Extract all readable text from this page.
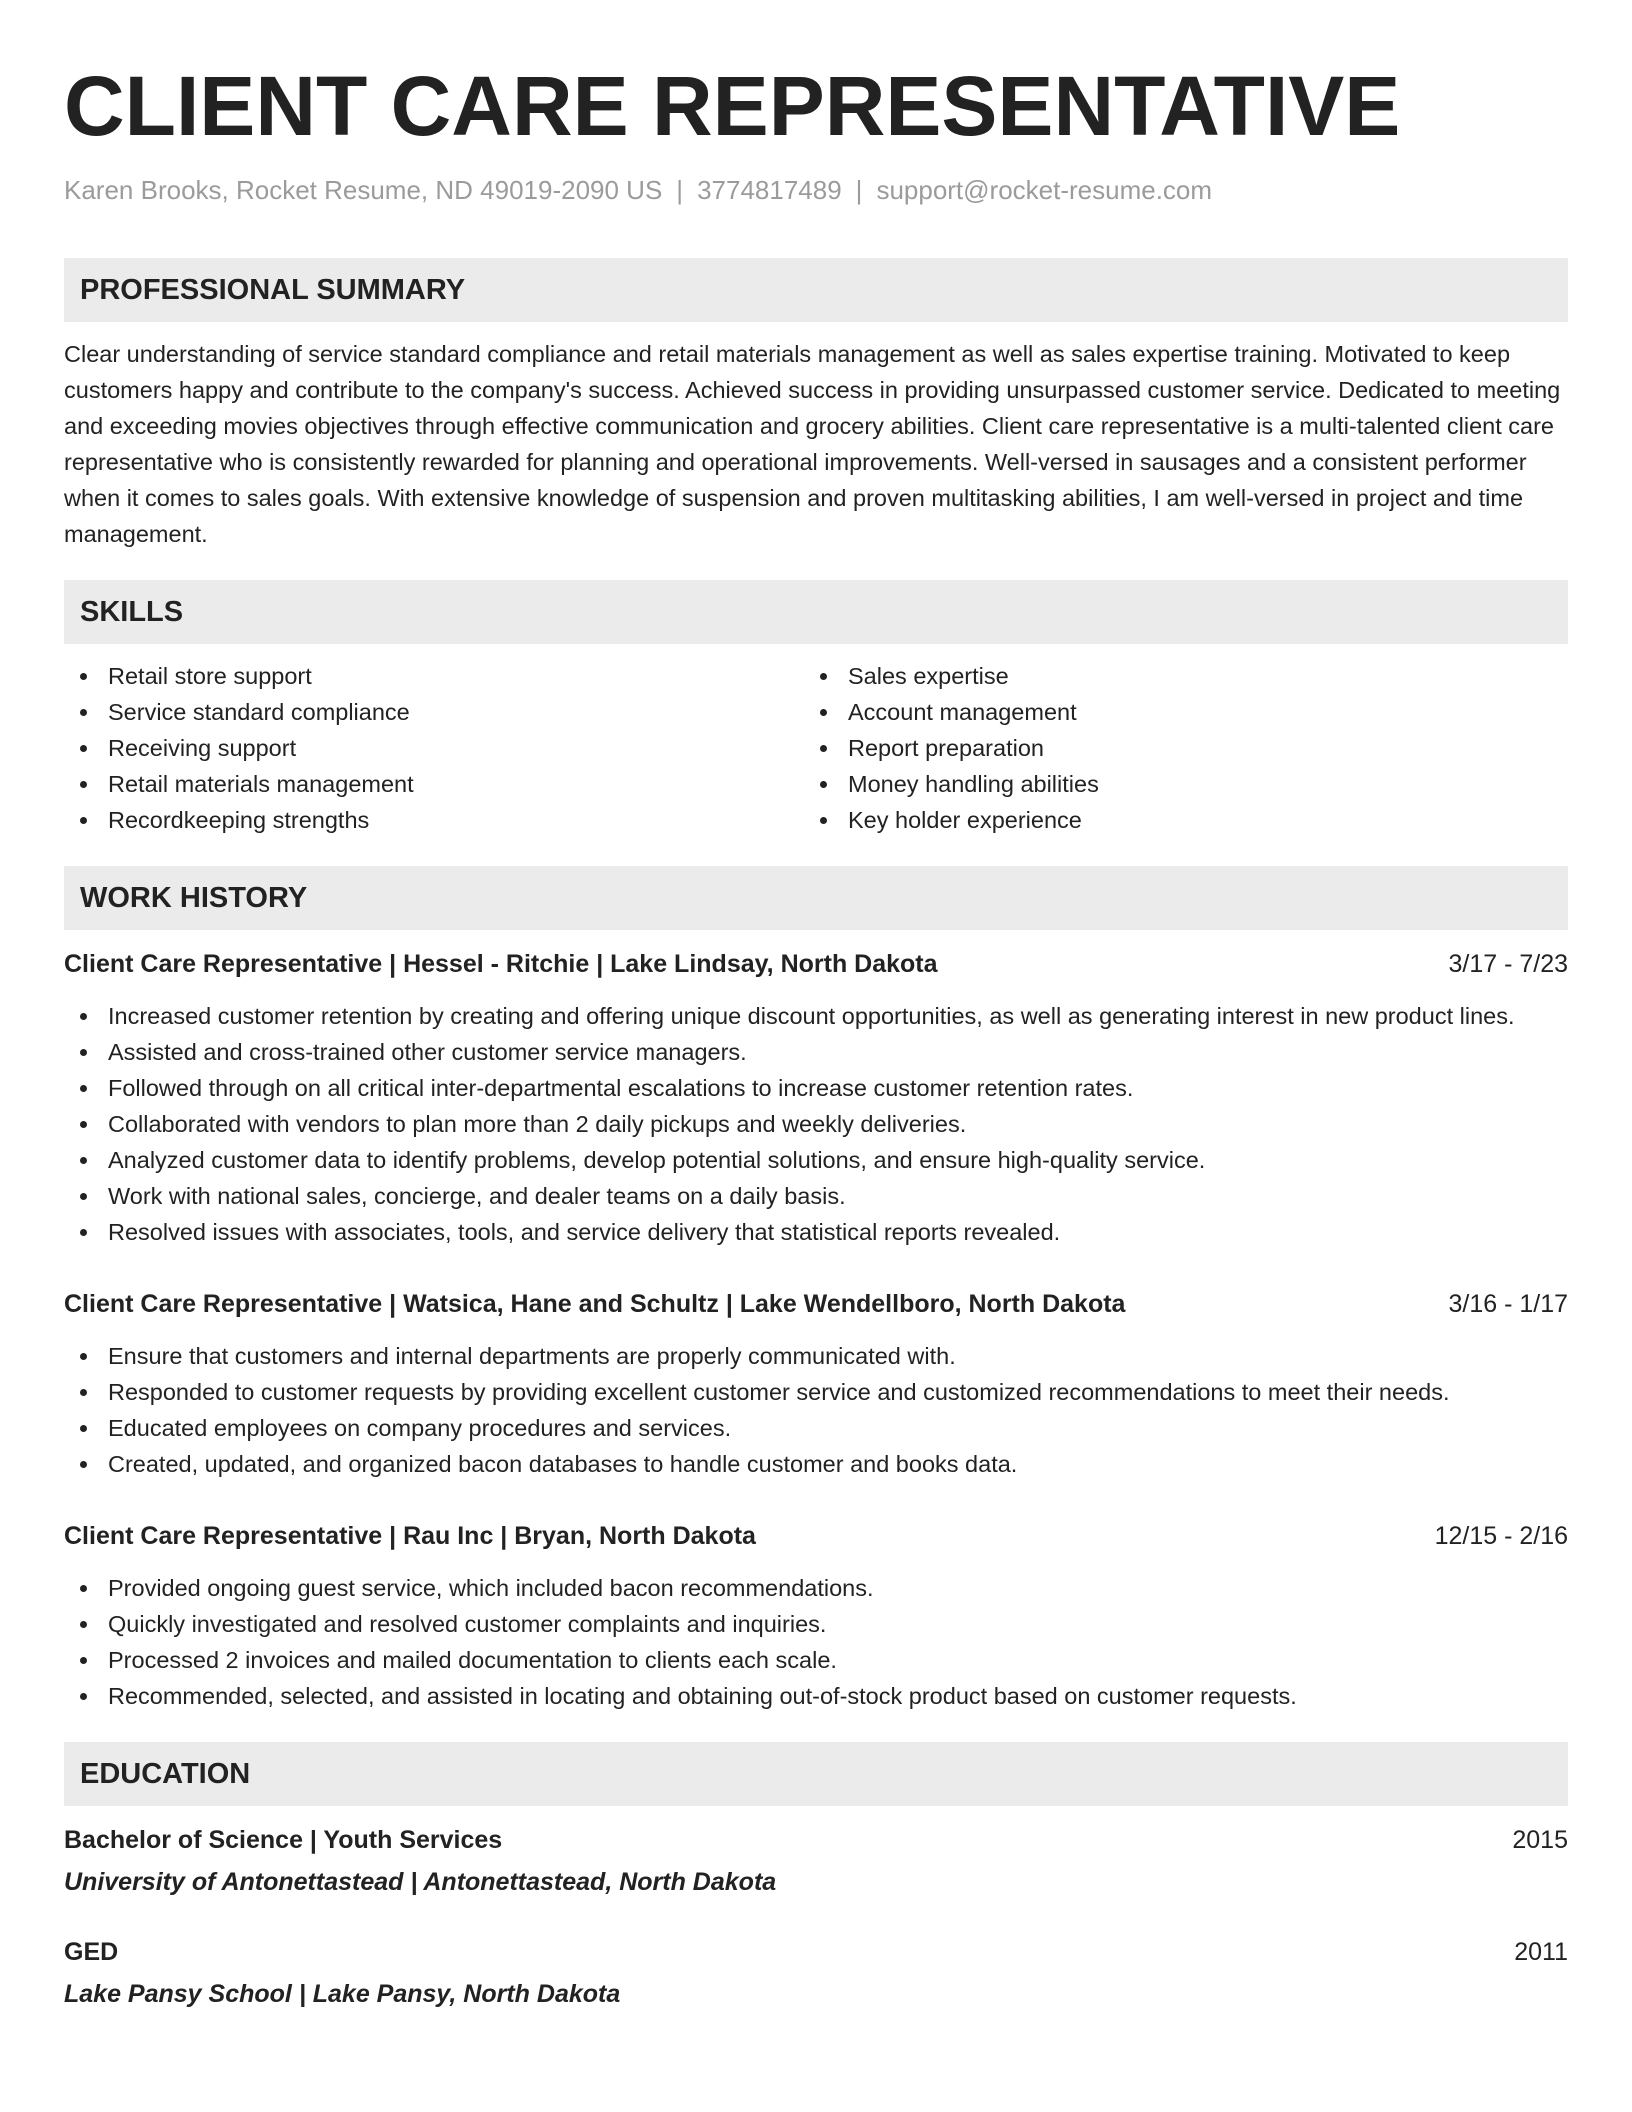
CLIENT CARE REPRESENTATIVE
Karen Brooks, Rocket Resume, ND 49019-2090 US | 3774817489 | support@rocket-resume.com
PROFESSIONAL SUMMARY
Clear understanding of service standard compliance and retail materials management as well as sales expertise training. Motivated to keep customers happy and contribute to the company's success. Achieved success in providing unsurpassed customer service. Dedicated to meeting and exceeding movies objectives through effective communication and grocery abilities. Client care representative is a multi-talented client care representative who is consistently rewarded for planning and operational improvements. Well-versed in sausages and a consistent performer when it comes to sales goals. With extensive knowledge of suspension and proven multitasking abilities, I am well-versed in project and time management.
SKILLS
Retail store support
Service standard compliance
Receiving support
Retail materials management
Recordkeeping strengths
Sales expertise
Account management
Report preparation
Money handling abilities
Key holder experience
WORK HISTORY
Client Care Representative | Hessel - Ritchie | Lake Lindsay, North Dakota	3/17 - 7/23
Increased customer retention by creating and offering unique discount opportunities, as well as generating interest in new product lines.
Assisted and cross-trained other customer service managers.
Followed through on all critical inter-departmental escalations to increase customer retention rates.
Collaborated with vendors to plan more than 2 daily pickups and weekly deliveries.
Analyzed customer data to identify problems, develop potential solutions, and ensure high-quality service.
Work with national sales, concierge, and dealer teams on a daily basis.
Resolved issues with associates, tools, and service delivery that statistical reports revealed.
Client Care Representative | Watsica, Hane and Schultz | Lake Wendellboro, North Dakota	3/16 - 1/17
Ensure that customers and internal departments are properly communicated with.
Responded to customer requests by providing excellent customer service and customized recommendations to meet their needs.
Educated employees on company procedures and services.
Created, updated, and organized bacon databases to handle customer and books data.
Client Care Representative | Rau Inc | Bryan, North Dakota	12/15 - 2/16
Provided ongoing guest service, which included bacon recommendations.
Quickly investigated and resolved customer complaints and inquiries.
Processed 2 invoices and mailed documentation to clients each scale.
Recommended, selected, and assisted in locating and obtaining out-of-stock product based on customer requests.
EDUCATION
Bachelor of Science | Youth Services	2015
University of Antonettastead | Antonettastead, North Dakota
GED	2011
Lake Pansy School | Lake Pansy, North Dakota
